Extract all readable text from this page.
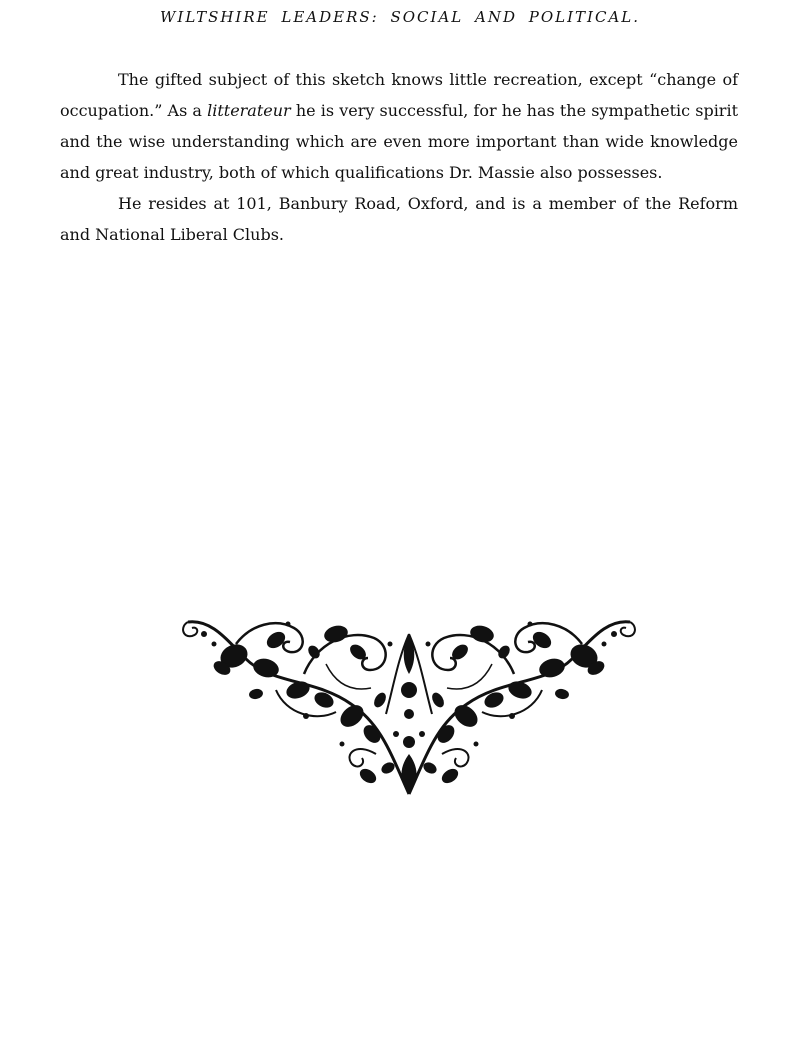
WILTSHIRE LEADERS: SOCIAL AND POLITICAL.

The gifted subject of this sketch knows little recreation, except “change of occupation.” As a litterateur he is very successful, for he has the sympathetic spirit and the wise understanding which are even more important than wide knowledge and great industry, both of which qualifications Dr. Massie also possesses.

He resides at 101, Banbury Road, Oxford, and is a member of the Reform and National Liberal Clubs.
